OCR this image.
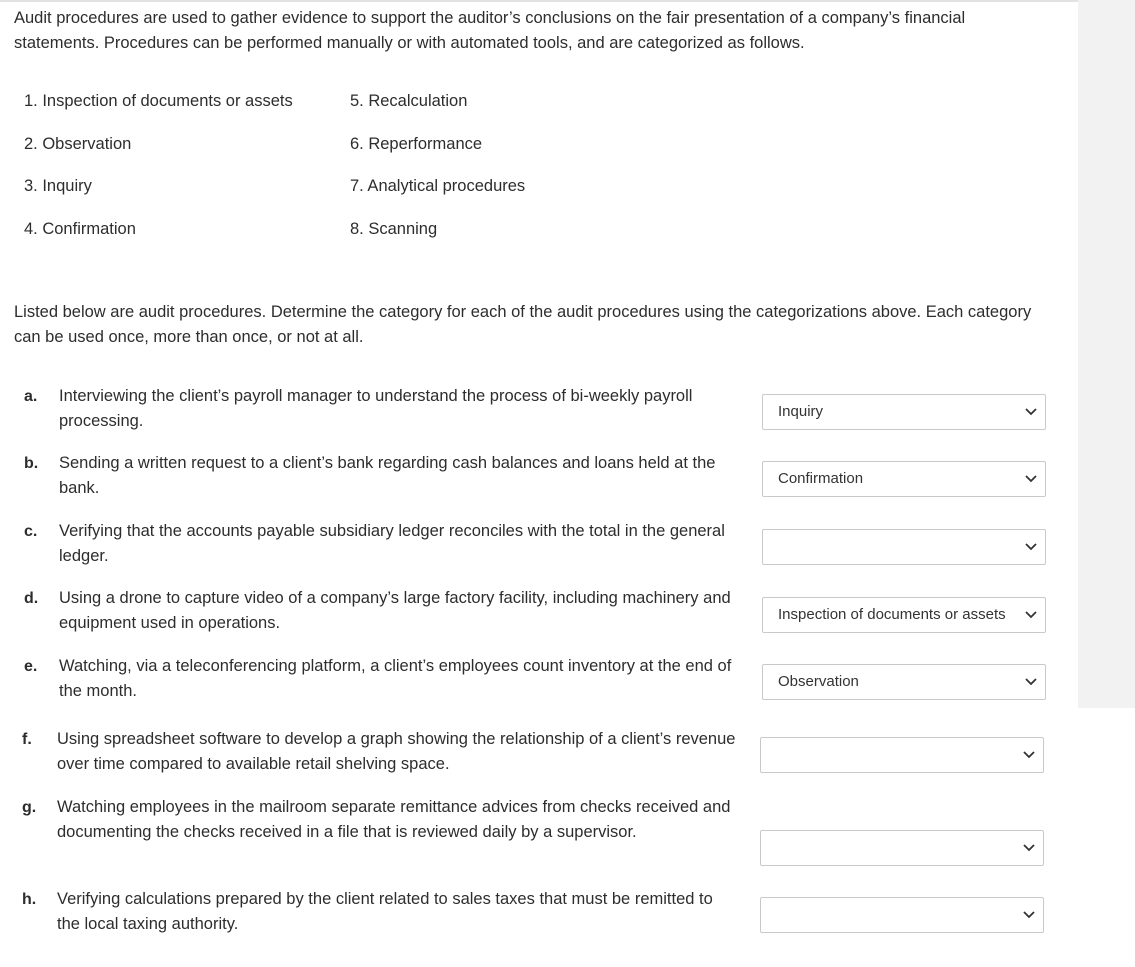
Audit procedures are used to gather evidence to support the auditor’s conclusions on the fair presentation of a company’s financial statements. Procedures can be performed manually or with automated tools, and are categorized as follows.
1. Inspection of documents or assets
2. Observation
3. Inquiry
4. Confirmation
5. Recalculation
6. Reperformance
7. Analytical procedures
8. Scanning
Listed below are audit procedures. Determine the category for each of the audit procedures using the categorizations above. Each category can be used once, more than once, or not at all.
a. Interviewing the client’s payroll manager to understand the process of bi-weekly payroll processing.
Inquiry
b. Sending a written request to a client’s bank regarding cash balances and loans held at the bank.
Confirmation
c. Verifying that the accounts payable subsidiary ledger reconciles with the total in the general ledger.
d. Using a drone to capture video of a company’s large factory facility, including machinery and equipment used in operations.	Inspection of documents or assets
e. Watching, via a teleconferencing platform, a client’s employees count inventory at the end of the month.
Observation
f. Using spreadsheet software to develop a graph showing the relationship of a client’s revenue over time compared to available retail shelving space.
g. Watching employees in the mailroom separate remittance advices from checks received and documenting the checks received in a file that is reviewed daily by a supervisor.
h. Verifying calculations prepared by the client related to sales taxes that must be remitted to the local taxing authority.
